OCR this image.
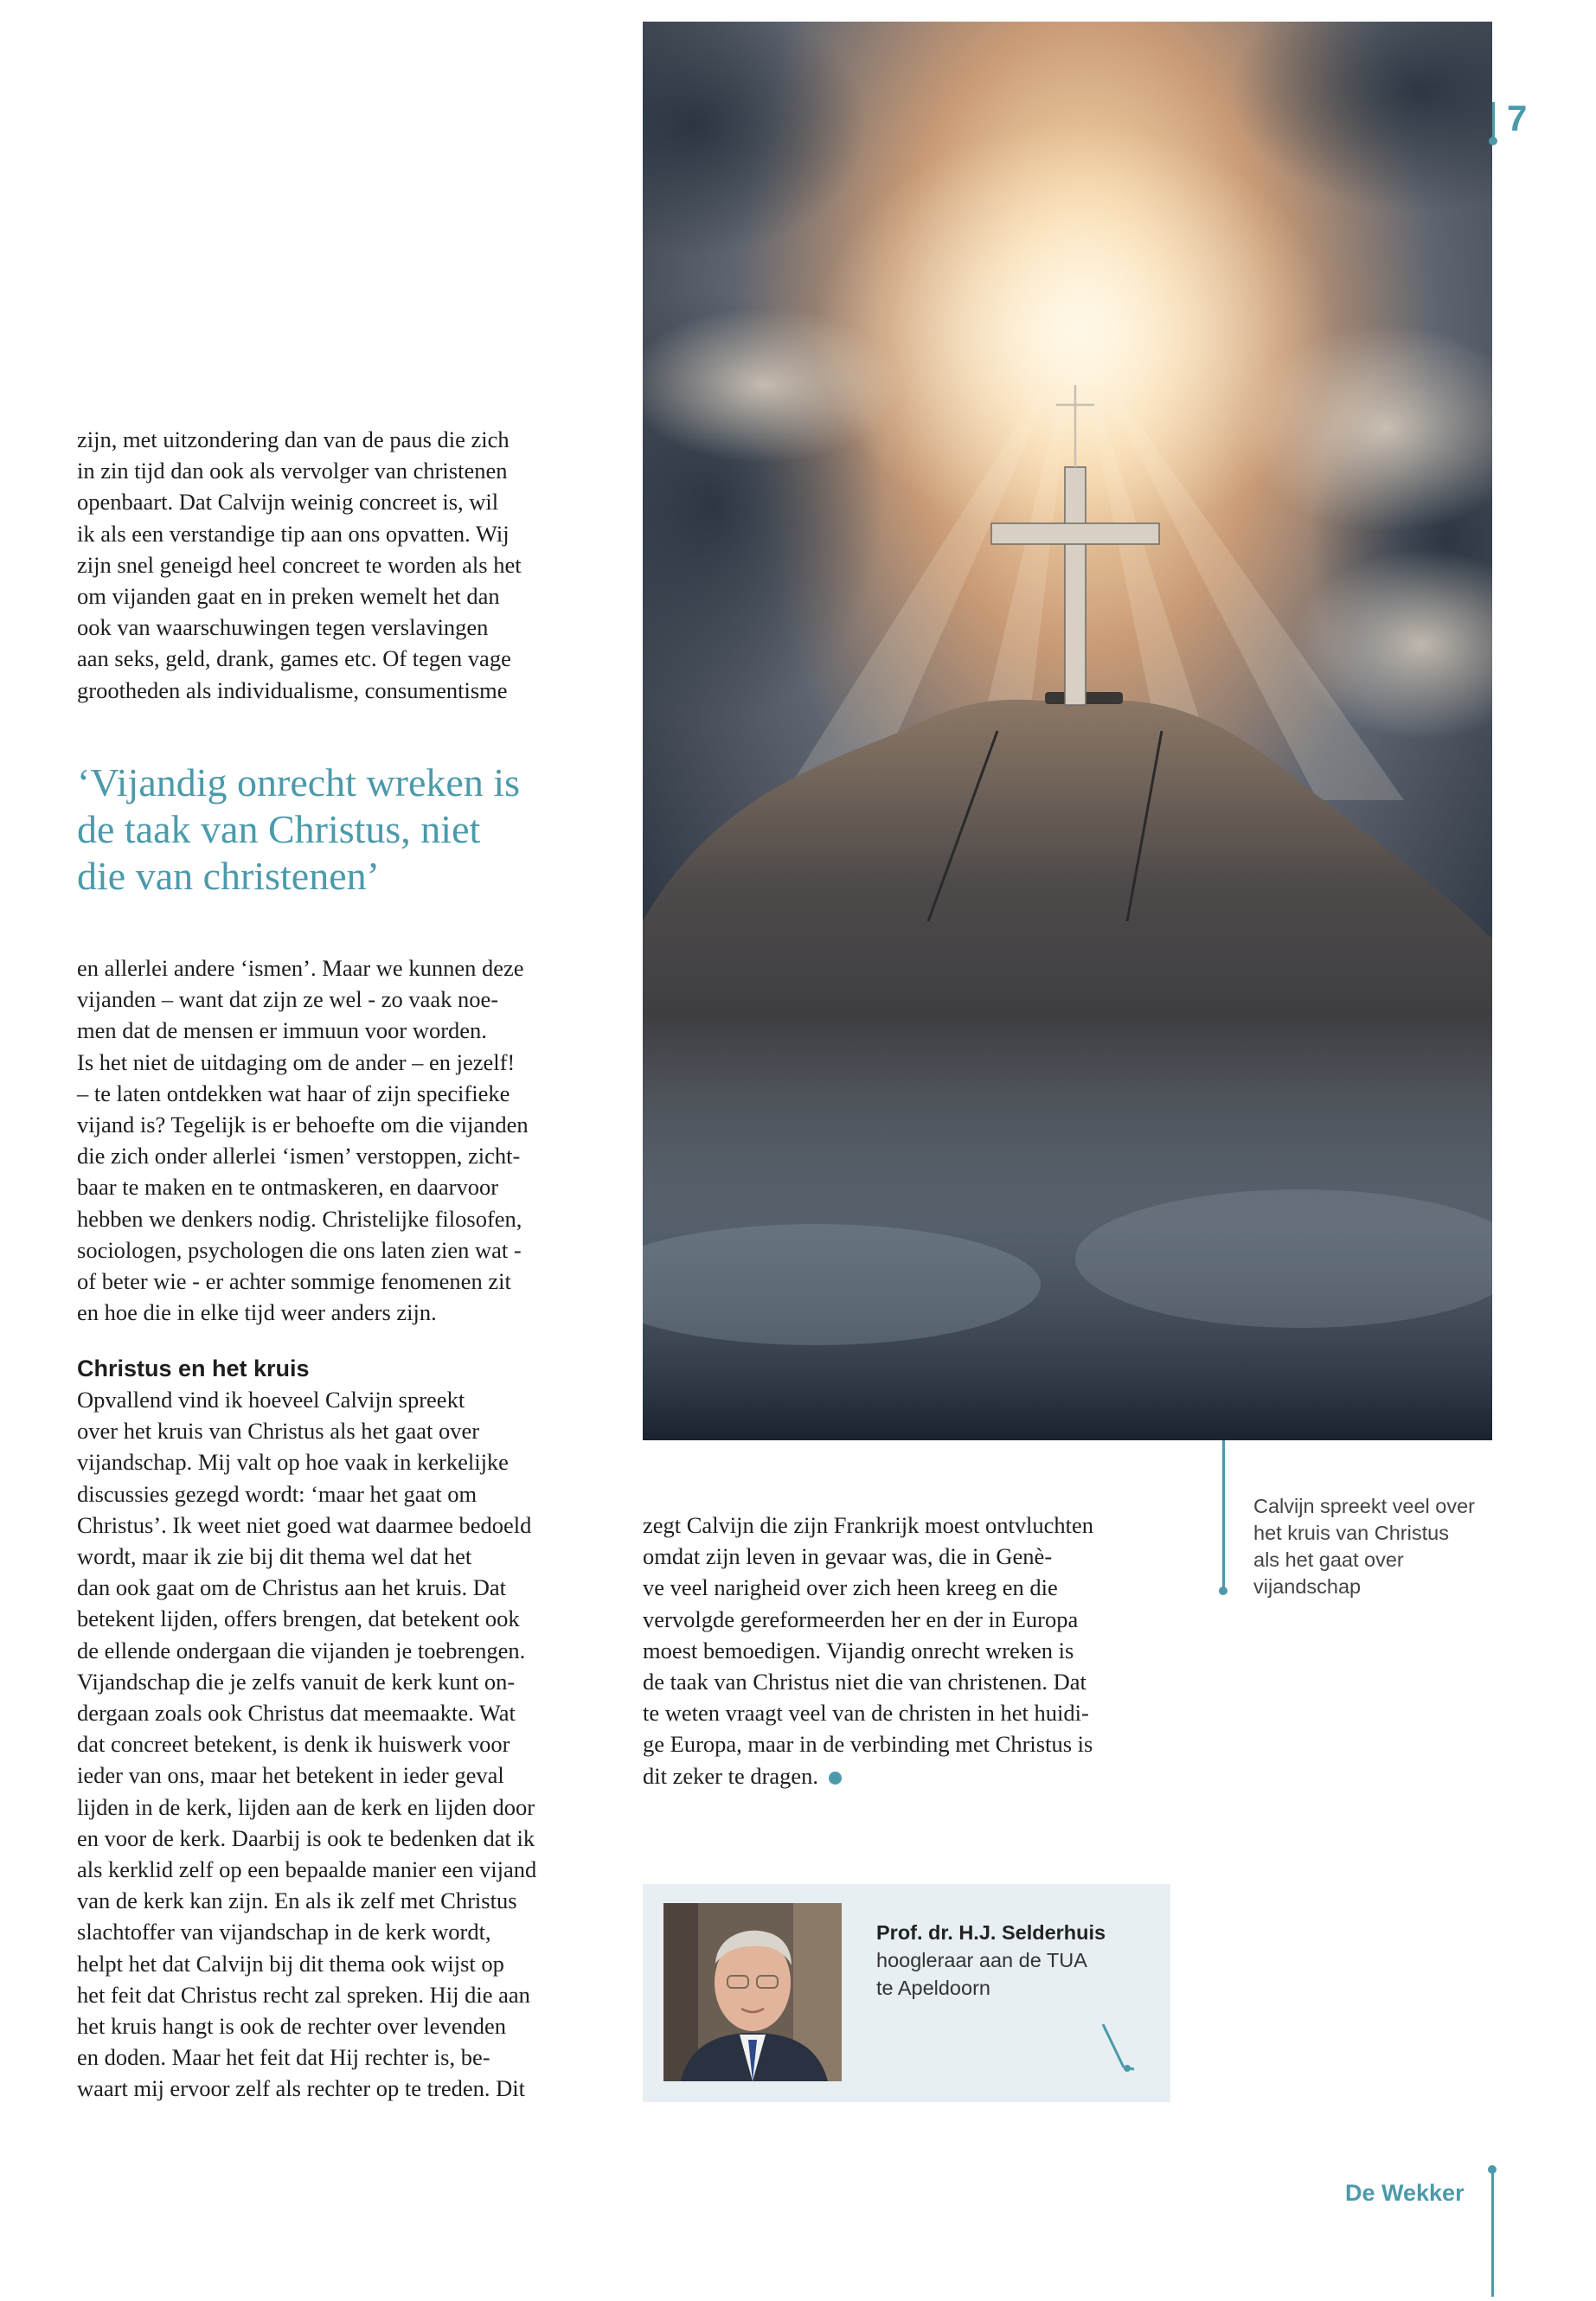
7

zijn, met uitzondering dan van de paus die zich
in zin tijd dan ook als vervolger van christenen
openbaart. Dat Calvijn weinig concreet is, wil
ik als een verstandige tip aan ons opvatten. Wij
zijn snel geneigd heel concreet te worden als het
om vijanden gaat en in preken wemelt het dan
ook van waarschuwingen tegen verslavingen
aan seks, geld, drank, games etc. Of tegen vage
grootheden als individualisme, consumentisme

‘Vijandig onrecht wreken is
de taak van Christus, niet
die van christenen’

en allerlei andere ‘ismen’. Maar we kunnen deze
vijanden – want dat zijn ze wel - zo vaak noe-
men dat de mensen er immuun voor worden.
Is het niet de uitdaging om de ander – en jezelf!
– te laten ontdekken wat haar of zijn specifieke
vijand is? Tegelijk is er behoefte om die vijanden
die zich onder allerlei ‘ismen’ verstoppen, zicht-
baar te maken en te ontmaskeren, en daarvoor
hebben we denkers nodig. Christelijke filosofen,
sociologen, psychologen die ons laten zien wat -
of beter wie - er achter sommige fenomenen zit
en hoe die in elke tijd weer anders zijn.

Christus en het kruis

Opvallend vind ik hoeveel Calvijn spreekt
over het kruis van Christus als het gaat over
vijandschap. Mij valt op hoe vaak in kerkelijke
discussies gezegd wordt: ‘maar het gaat om
Christus’. Ik weet niet goed wat daarmee bedoeld
wordt, maar ik zie bij dit thema wel dat het
dan ook gaat om de Christus aan het kruis. Dat
betekent lijden, offers brengen, dat betekent ook
de ellende ondergaan die vijanden je toebrengen.
Vijandschap die je zelfs vanuit de kerk kunt on-
dergaan zoals ook Christus dat meemaakte. Wat
dat concreet betekent, is denk ik huiswerk voor
ieder van ons, maar het betekent in ieder geval
lijden in de kerk, lijden aan de kerk en lijden door
en voor de kerk. Daarbij is ook te bedenken dat ik
als kerklid zelf op een bepaalde manier een vijand
van de kerk kan zijn. En als ik zelf met Christus
slachtoffer van vijandschap in de kerk wordt,
helpt het dat Calvijn bij dit thema ook wijst op
het feit dat Christus recht zal spreken. Hij die aan
het kruis hangt is ook de rechter over levenden
en doden. Maar het feit dat Hij rechter is, be-
waart mij ervoor zelf als rechter op te treden. Dit

zegt Calvijn die zijn Frankrijk moest ontvluchten
omdat zijn leven in gevaar was, die in Genè-
ve veel narigheid over zich heen kreeg en die
vervolgde gereformeerden her en der in Europa
moest bemoedigen. Vijandig onrecht wreken is
de taak van Christus niet die van christenen. Dat
te weten vraagt veel van de christen in het huidi-
ge Europa, maar in de verbinding met Christus is
dit zeker te dragen.

Calvijn spreekt veel over
het kruis van Christus
als het gaat over
vijandschap

Prof. dr. H.J. Selderhuis

hoogleraar aan de TUA
te Apeldoorn

De Wekker
